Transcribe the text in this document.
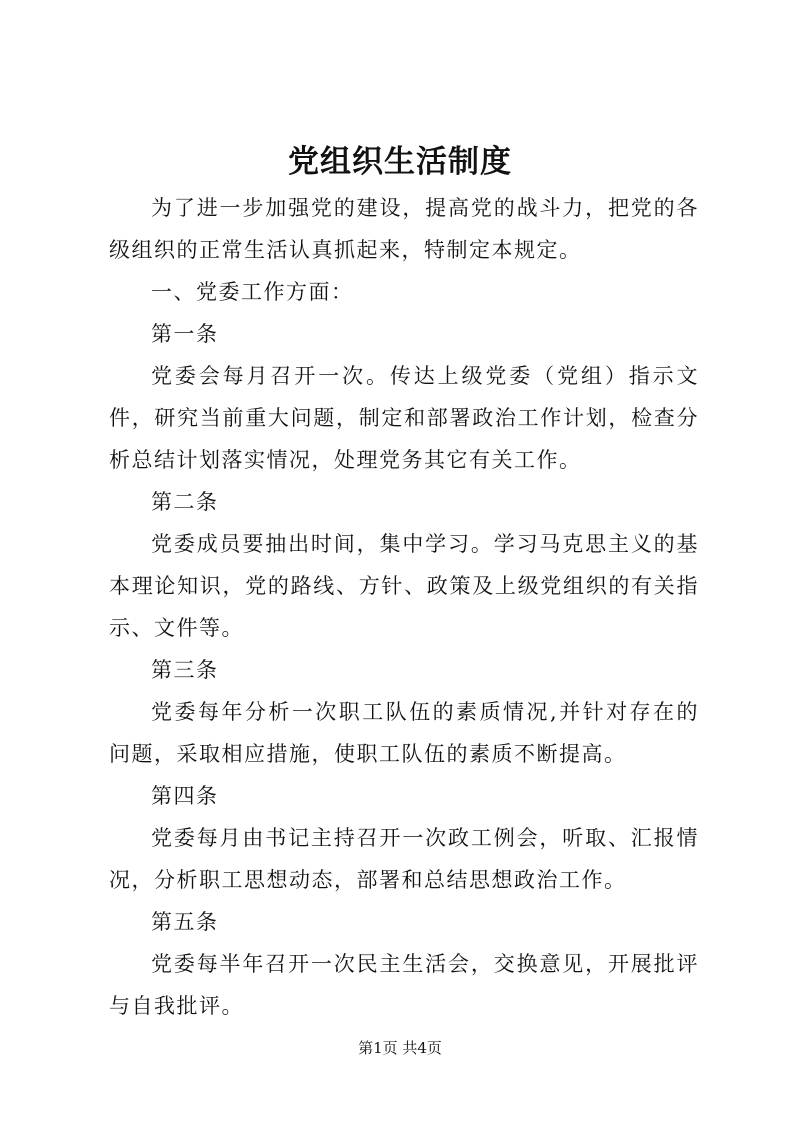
党组织生活制度

为了进一步加强党的建设，提高党的战斗力，把党的各级组织的正常生活认真抓起来，特制定本规定。

一、党委工作方面：

第一条

党委会每月召开一次。传达上级党委（党组）指示文件，研究当前重大问题，制定和部署政治工作计划，检查分析总结计划落实情况，处理党务其它有关工作。

第二条

党委成员要抽出时间，集中学习。学习马克思主义的基本理论知识，党的路线、方针、政策及上级党组织的有关指示、文件等。

第三条

党委每年分析一次职工队伍的素质情况,并针对存在的问题，采取相应措施，使职工队伍的素质不断提高。

第四条

党委每月由书记主持召开一次政工例会，听取、汇报情况，分析职工思想动态，部署和总结思想政治工作。

第五条

党委每半年召开一次民主生活会，交换意见，开展批评与自我批评。

第1页 共4页
